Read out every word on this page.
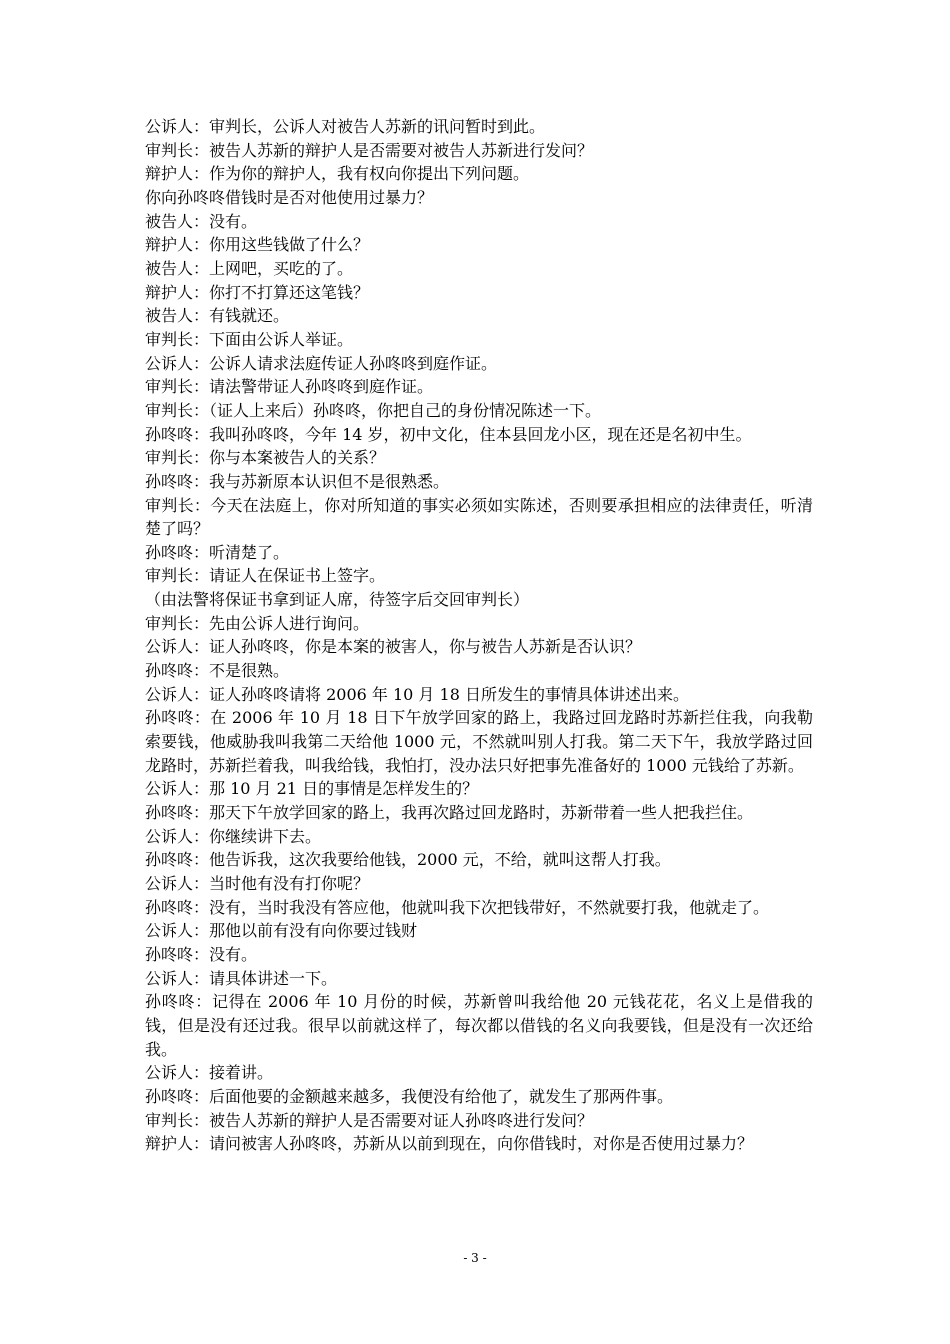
公诉人：审判长，公诉人对被告人苏新的讯问暂时到此。

审判长：被告人苏新的辩护人是否需要对被告人苏新进行发问？

辩护人：作为你的辩护人，我有权向你提出下列问题。

你向孙咚咚借钱时是否对他使用过暴力？

被告人：没有。

辩护人：你用这些钱做了什么？

被告人：上网吧，买吃的了。

辩护人：你打不打算还这笔钱？

被告人：有钱就还。

审判长：下面由公诉人举证。

公诉人：公诉人请求法庭传证人孙咚咚到庭作证。

审判长：请法警带证人孙咚咚到庭作证。

审判长：（证人上来后）孙咚咚，你把自己的身份情况陈述一下。

孙咚咚：我叫孙咚咚，今年 14 岁，初中文化，住本县回龙小区，现在还是名初中生。

审判长：你与本案被告人的关系？

孙咚咚：我与苏新原本认识但不是很熟悉。

审判长：今天在法庭上，你对所知道的事实必须如实陈述，否则要承担相应的法律责任，听清楚了吗？

孙咚咚：听清楚了。

审判长：请证人在保证书上签字。

（由法警将保证书拿到证人席，待签字后交回审判长）

审判长：先由公诉人进行询问。

公诉人：证人孙咚咚，你是本案的被害人，你与被告人苏新是否认识？

孙咚咚：不是很熟。

公诉人：证人孙咚咚请将 2006 年 10 月 18 日所发生的事情具体讲述出来。

孙咚咚：在 2006 年 10 月 18 日下午放学回家的路上，我路过回龙路时苏新拦住我，向我勒索要钱，他威胁我叫我第二天给他 1000 元，不然就叫别人打我。第二天下午，我放学路过回龙路时，苏新拦着我，叫我给钱，我怕打，没办法只好把事先准备好的 1000 元钱给了苏新。

公诉人：那 10 月 21 日的事情是怎样发生的？

孙咚咚：那天下午放学回家的路上，我再次路过回龙路时，苏新带着一些人把我拦住。

公诉人：你继续讲下去。

孙咚咚：他告诉我，这次我要给他钱，2000 元，不给，就叫这帮人打我。

公诉人：当时他有没有打你呢？

孙咚咚：没有，当时我没有答应他，他就叫我下次把钱带好，不然就要打我，他就走了。

公诉人：那他以前有没有向你要过钱财

孙咚咚：没有。

公诉人：请具体讲述一下。

孙咚咚：记得在 2006 年 10 月份的时候，苏新曾叫我给他 20 元钱花花，名义上是借我的钱，但是没有还过我。很早以前就这样了，每次都以借钱的名义向我要钱，但是没有一次还给我。

公诉人：接着讲。

孙咚咚：后面他要的金额越来越多，我便没有给他了，就发生了那两件事。

审判长：被告人苏新的辩护人是否需要对证人孙咚咚进行发问？

辩护人：请问被害人孙咚咚，苏新从以前到现在，向你借钱时，对你是否使用过暴力？

- 3 -
